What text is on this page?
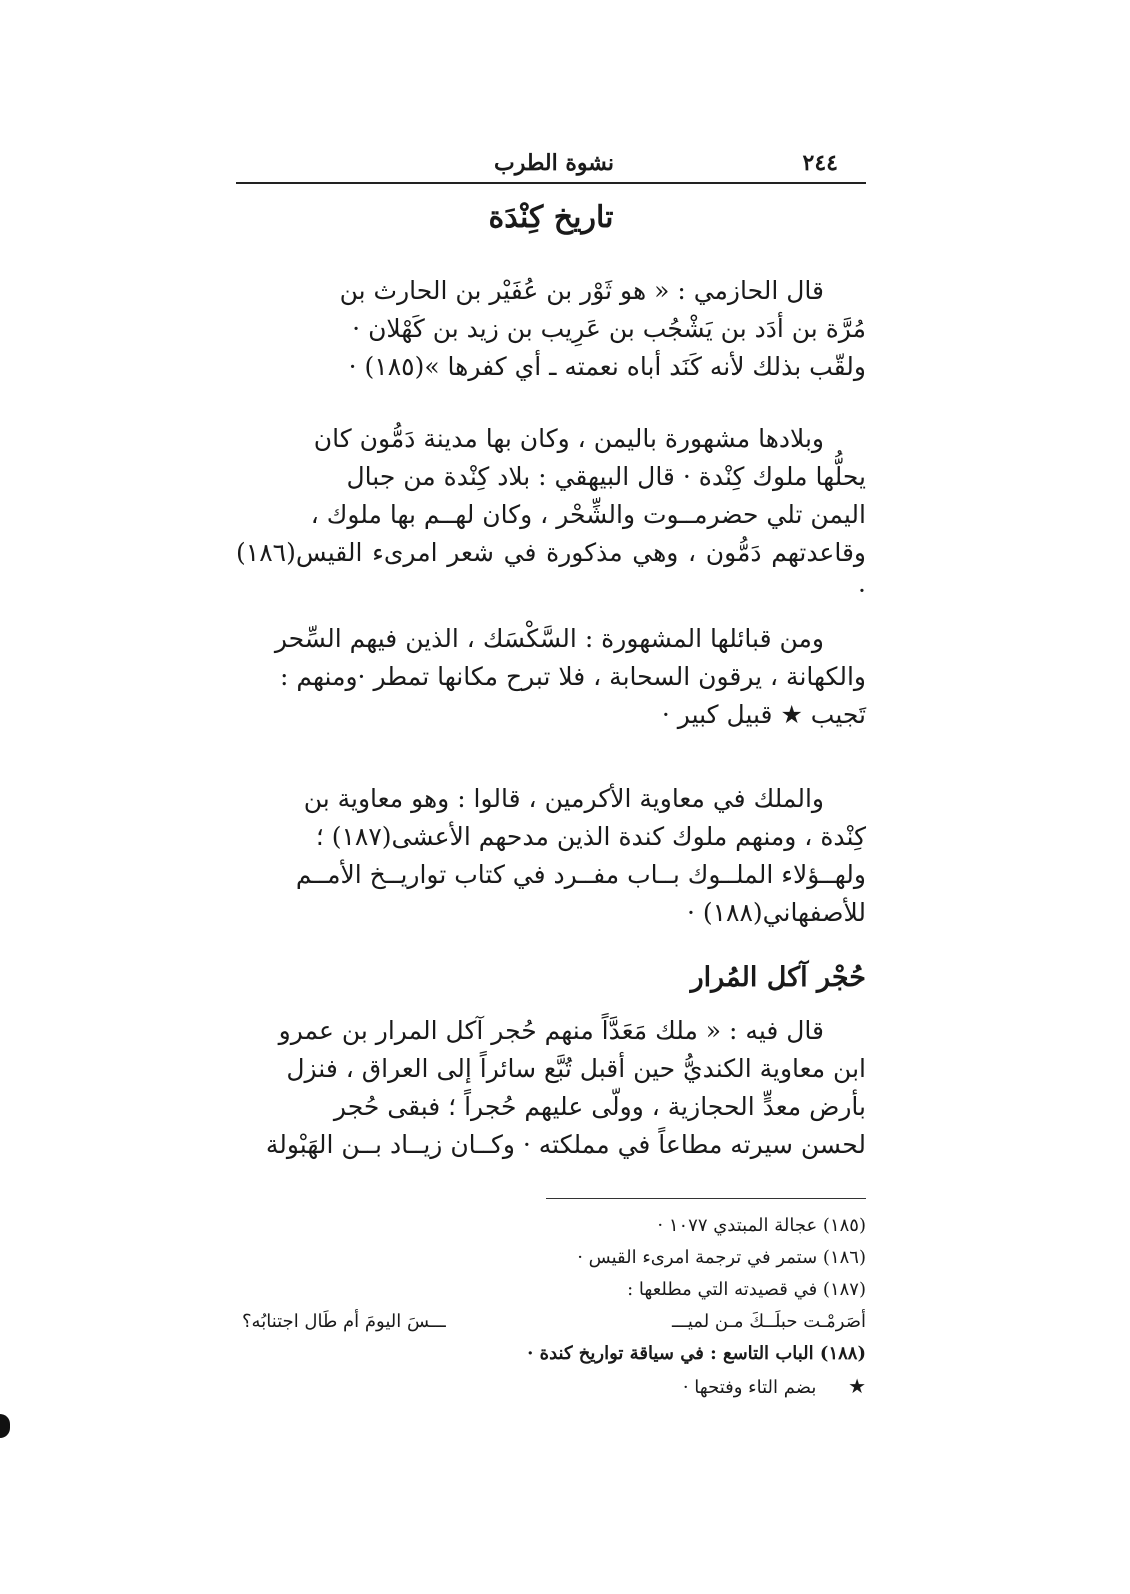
٢٤٤
نشوة الطرب
تاريخ كِنْدَة

قال الحازمي : « هو ثَوْر بن عُفَيْر بن الحارث بن

مُرَّة بن أدَد بن يَشْجُب بن عَرِيب بن زيد بن كَهْلان ·

ولقّب بذلك لأنه كَنَد أباه نعمته ـ أي كفرها »(١٨٥) ·

وبلادها مشهورة باليمن ، وكان بها مدينة دَمُّون كان

يحلُّها ملوك كِنْدة · قال البيهقي : بلاد كِنْدة من جبال

اليمن تلي حضرمــوت والشِّحْر ، وكان لهــم بها ملوك ،

وقاعدتهم دَمُّون ، وهي مذكورة في شعر امرىء القيس(١٨٦) ·

ومن قبائلها المشهورة : السَّكْسَك ، الذين فيهم السِّحر

والكهانة ، يرقون السحابة ، فلا تبرح مكانها تمطر ·ومنهم :

تَجيب ★ قبيل كبير ·

والملك في معاوية الأكرمين ، قالوا : وهو معاوية بن

كِنْدة ، ومنهم ملوك كندة الذين مدحهم الأعشى(١٨٧) ؛

ولهــؤلاء الملــوك بــاب مفــرد في كتاب تواريــخ الأمــم

للأصفهاني(١٨٨) ·

حُجْر آكل المُرار

قال فيه : « ملك مَعَدَّاً منهم حُجر آكل المرار بن عمرو

ابن معاوية الكنديُّ حين أقبل تُبَّع سائراً إلى العراق ، فنزل

بأرض معدٍّ الحجازية ، وولّى عليهم حُجراً ؛ فبقى حُجر

لحسن سيرته مطاعاً في مملكته · وكــان زيــاد بــن الهَبْولة

(١٨٥) عجالة المبتدي ١٠٧٧ ·
(١٨٦) ستمر في ترجمة امرىء القيس ·
(١٨٧) في قصيدته التي مطلعها :
أصَرمْـت حبلَــكَ مـن لميـــ
ـــسَ اليومَ أم طَال اجتنابُه؟
(١٨٨) الباب التاسع : في سياقة تواريخ كندة ·
★ بضم التاء وفتحها ·
